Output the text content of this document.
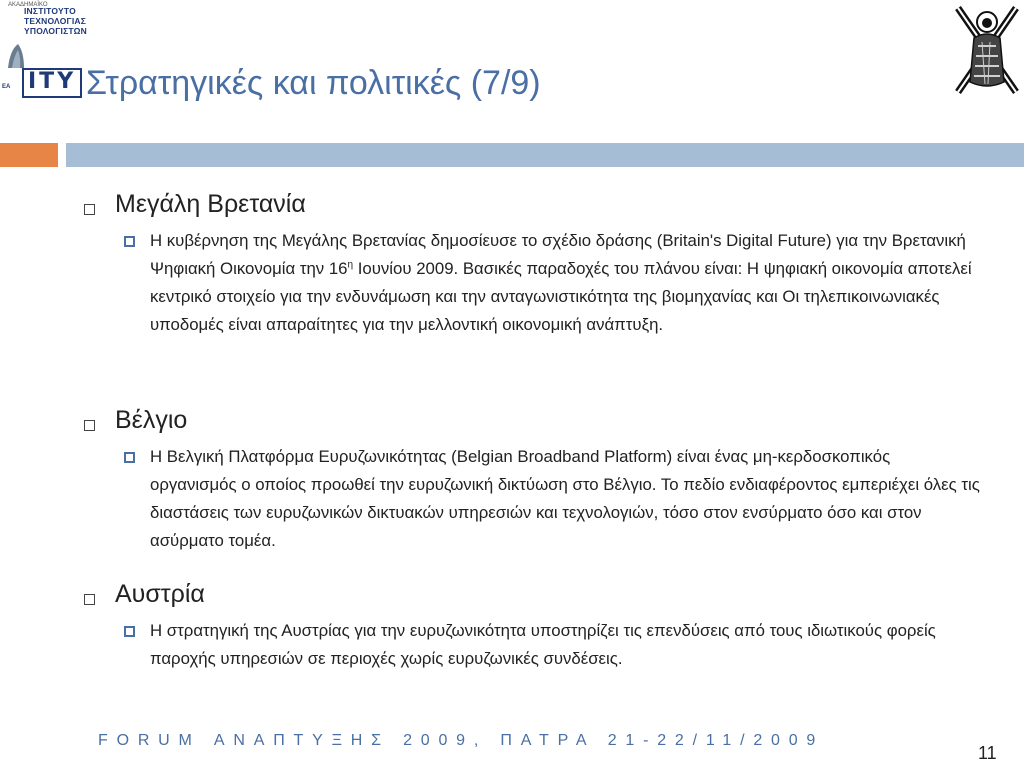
ΑΚΑΔΗΜΑΪΚΟ
ΙΝΣΤΙΤΟΥΤΟ
ΤΕΧΝΟΛΟΓΙΑΣ
ΥΠΟΛΟΓΙΣΤΩΝ
ITY
ΕΑ Στρατηγικές και πολιτικές (7/9)
Μεγάλη Βρετανία
Η κυβέρνηση της Μεγάλης Βρετανίας δημοσίευσε το σχέδιο δράσης (Britain's Digital Future) για την Βρετανική Ψηφιακή Οικονομία την $16^\eta$ Ιουνίου 2009. Βασικές παραδοχές του πλάνου είναι: Η ψηφιακή οικονομία αποτελεί κεντρικό στοιχείο για την ενδυνάμωση και την ανταγωνιστικότητα της βιομηχανίας και Οι τηλεπικοινωνιακές υποδομές είναι απαραίτητες για την μελλοντική οικονομική ανάπτυξη.
Βέλγιο
Η Βελγική Πλατφόρμα Ευρυζωνικότητας (Belgian Broadband Platform) είναι ένας μη-κερδοσκοπικός οργανισμός ο οποίος προωθεί την ευρυζωνική δικτύωση στο Βέλγιο. Το πεδίο ενδιαφέροντος εμπεριέχει όλες τις διαστάσεις των ευρυζωνικών δικτυακών υπηρεσιών και τεχνολογιών, τόσο στον ενσύρματο όσο και στον ασύρματο τομέα.
Αυστρία
Η στρατηγική της Αυστρίας για την ευρυζωνικότητα υποστηρίζει τις επενδύσεις από τους ιδιωτικούς φορείς παροχής υπηρεσιών σε περιοχές χωρίς ευρυζωνικές συνδέσεις.
FORUM ΑΝΑΠΤΥΞΗΣ 2009, ΠΑΤΡΑ 21-22/11/2009
11
